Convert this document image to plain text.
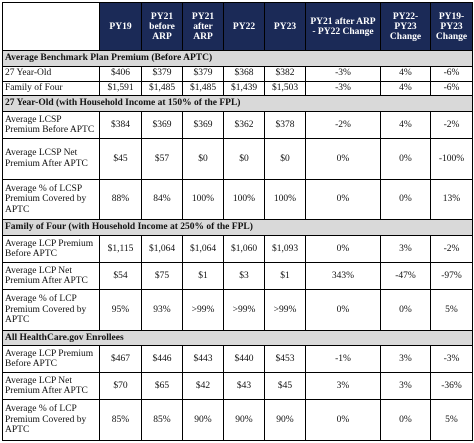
	PY19	PY21 before ARP	PY21 after ARP	PY22	PY23	PY21 after ARP - PY22 Change	PY22-PY23 Change	PY19-PY23 Change
Average Benchmark Plan Premium (Before APTC)								
27 Year-Old	$406	$379	$379	$368	$382	-3%	4%	-6%
Family of Four	$1,591	$1,485	$1,485	$1,439	$1,503	-3%	4%	-6%
27 Year-Old (with Household Income at 150% of the FPL)								
Average LCSP Premium Before APTC	$384	$369	$369	$362	$378	-2%	4%	-2%
Average LCSP Net Premium After APTC	$45	$57	$0	$0	$0	0%	0%	-100%
Average % of LCSP Premium Covered by APTC	88%	84%	100%	100%	100%	0%	0%	13%
Family of Four (with Household Income at 250% of the FPL)								
Average LCP Premium Before APTC	$1,115	$1,064	$1,064	$1,060	$1,093	0%	3%	-2%
Average LCP Net Premium After APTC	$54	$75	$1	$3	$1	343%	-47%	-97%
Average % of LCP Premium Covered by APTC	95%	93%	>99%	>99%	>99%	0%	0%	5%
All HealthCare.gov Enrollees								
Average LCP Premium Before APTC	$467	$446	$443	$440	$453	-1%	3%	-3%
Average LCP Net Premium After APTC	$70	$65	$42	$43	$45	3%	3%	-36%
Average % of LCP Premium Covered by APTC	85%	85%	90%	90%	90%	0%	0%	5%
